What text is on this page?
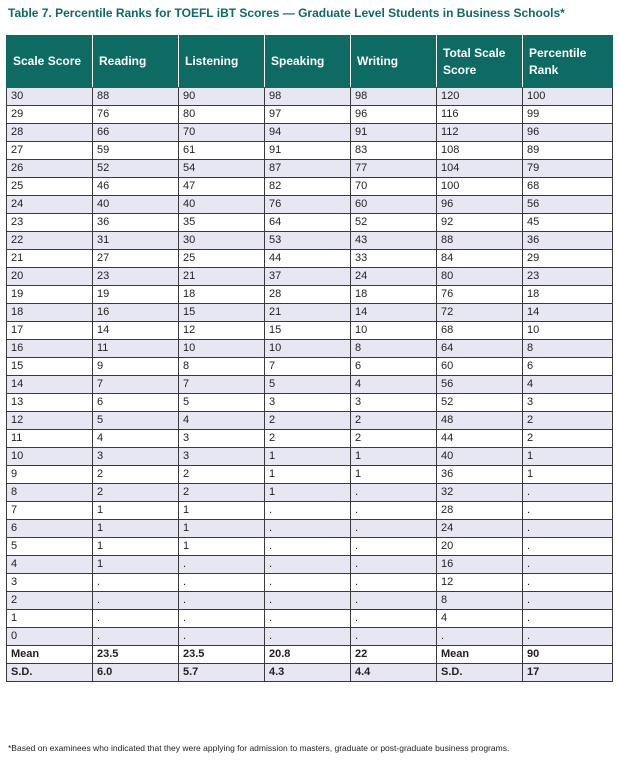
Table 7. Percentile Ranks for TOEFL iBT Scores — Graduate Level Students in Business Schools*
Scale Score	Reading	Listening	Speaking	Writing	Total Scale Score	Percentile Rank
30	88	90	98	98	120	100
29	76	80	97	96	116	99
28	66	70	94	91	112	96
27	59	61	91	83	108	89
26	52	54	87	77	104	79
25	46	47	82	70	100	68
24	40	40	76	60	96	56
23	36	35	64	52	92	45
22	31	30	53	43	88	36
21	27	25	44	33	84	29
20	23	21	37	24	80	23
19	19	18	28	18	76	18
18	16	15	21	14	72	14
17	14	12	15	10	68	10
16	11	10	10	8	64	8
15	9	8	7	6	60	6
14	7	7	5	4	56	4
13	6	5	3	3	52	3
12	5	4	2	2	48	2
11	4	3	2	2	44	2
10	3	3	1	1	40	1
9	2	2	1	1	36	1
8	2	2	1	.	32	.
7	1	1	.	.	28	.
6	1	1	.	.	24	.
5	1	1	.	.	20	.
4	1	.	.	.	16	.
3	.	.	.	.	12	.
2	.	.	.	.	8	.
1	.	.	.	.	4	.
0	.	.	.	.	.	.
Mean	23.5	23.5	20.8	22	Mean	90
S.D.	6.0	5.7	4.3	4.4	S.D.	17
*Based on examinees who indicated that they were applying for admission to masters, graduate or post-graduate business programs.
